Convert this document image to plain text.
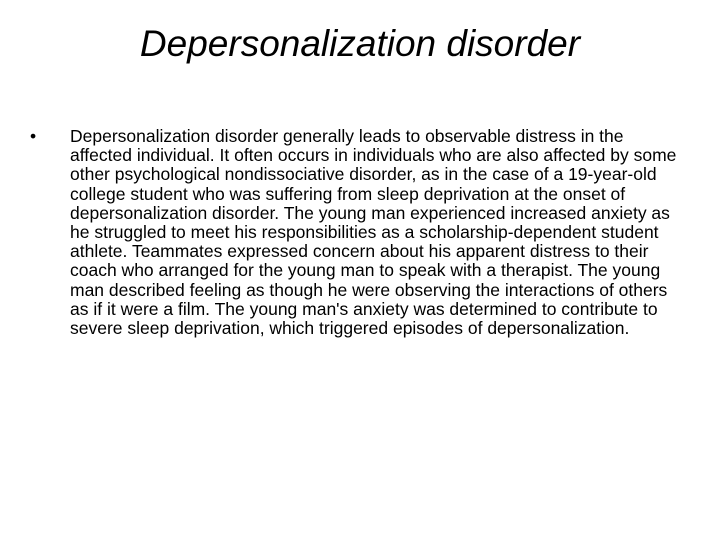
Depersonalization disorder
• Depersonalization disorder generally leads to observable distress in the affected individual. It often occurs in individuals who are also affected by some other psychological nondissociative disorder, as in the case of a 19-year-old college student who was suffering from sleep deprivation at the onset of depersonalization disorder. The young man experienced increased anxiety as he struggled to meet his responsibilities as a scholarship-dependent student athlete. Teammates expressed concern about his apparent distress to their coach who arranged for the young man to speak with a therapist. The young man described feeling as though he were observing the interactions of others as if it were a film. The young man's anxiety was determined to contribute to severe sleep deprivation, which triggered episodes of depersonalization.
